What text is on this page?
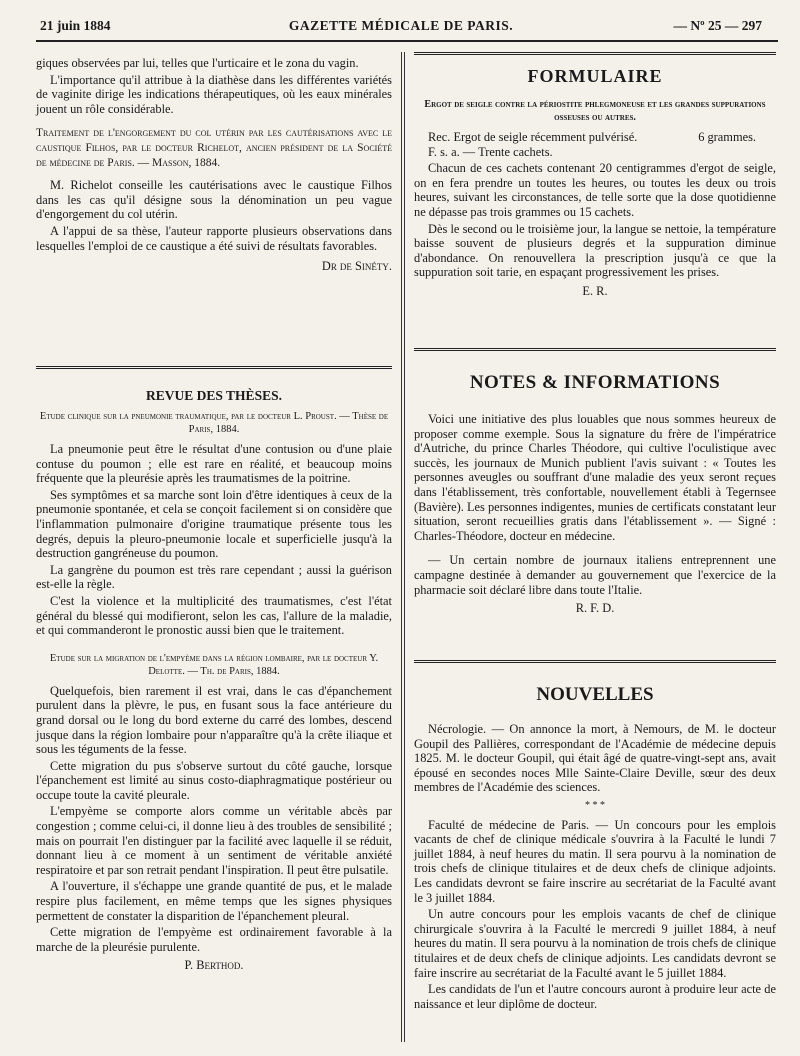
21 juin 1884	GAZETTE MÉDICALE DE PARIS.	— Nº 25 — 297

giques observées par lui, telles que l'urticaire et le zona du vagin.

L'importance qu'il attribue à la diathèse dans les différentes variétés de vaginite dirige les indications thérapeutiques, où les eaux minérales jouent un rôle considérable.

Traitement de l'engorgement du col utérin par les cautérisations avec le caustique Filhos, par le docteur Richelot, ancien président de la Société de médecine de Paris. — Masson, 1884.

M. Richelot conseille les cautérisations avec le caustique Filhos dans les cas qu'il désigne sous la dénomination un peu vague d'engorgement du col utérin.

A l'appui de sa thèse, l'auteur rapporte plusieurs observations dans lesquelles l'emploi de ce caustique a été suivi de résultats favorables.

Dr de Sinéty.
REVUE DES THÈSES.

Etude clinique sur la pneumonie traumatique, par le docteur L. Proust. — Thèse de Paris, 1884.

La pneumonie peut être le résultat d'une contusion ou d'une plaie contuse du poumon ; elle est rare en réalité, et beaucoup moins fréquente que la pleurésie après les traumatismes de la poitrine.

Ses symptômes et sa marche sont loin d'être identiques à ceux de la pneumonie spontanée, et cela se conçoit facilement si on considère que l'inflammation pulmonaire d'origine traumatique présente tous les degrés, depuis la pleuro-pneumonie locale et superficielle jusqu'à la destruction gangréneuse du poumon.

La gangrène du poumon est très rare cependant ; aussi la guérison est-elle la règle.

C'est la violence et la multiplicité des traumatismes, c'est l'état général du blessé qui modifieront, selon les cas, l'allure de la maladie, et qui commanderont le pronostic aussi bien que le traitement.

Etude sur la migration de l'empyème dans la région lombaire, par le docteur Y. Delotte. — Th. de Paris, 1884.

Quelquefois, bien rarement il est vrai, dans le cas d'épanchement purulent dans la plèvre, le pus, en fusant sous la face antérieure du grand dorsal ou le long du bord externe du carré des lombes, descend jusque dans la région lombaire pour n'apparaître qu'à la crête iliaque et sous les téguments de la fesse.

Cette migration du pus s'observe surtout du côté gauche, lorsque l'épanchement est limité au sinus costo-diaphragmatique postérieur ou occupe toute la cavité pleurale.

L'empyème se comporte alors comme un véritable abcès par congestion ; comme celui-ci, il donne lieu à des troubles de sensibilité ; mais on pourrait l'en distinguer par la facilité avec laquelle il se réduit, donnant lieu à ce moment à un sentiment de véritable anxiété respiratoire et par son retrait pendant l'inspiration. Il peut être pulsatile.

A l'ouverture, il s'échappe une grande quantité de pus, et le malade respire plus facilement, en même temps que les signes physiques permettent de constater la disparition de l'épanchement pleural.

Cette migration de l'empyème est ordinairement favorable à la marche de la pleurésie purulente.

P. Berthod.
FORMULAIRE

Ergot de seigle contre la périostite phlegmoneuse et les grandes suppurations osseuses ou autres.

Rec. Ergot de seigle récemment pulvérisé.	6 grammes.

F. s. a. — Trente cachets.

Chacun de ces cachets contenant 20 centigrammes d'ergot de seigle, on en fera prendre un toutes les heures, ou toutes les deux ou trois heures, suivant les circonstances, de telle sorte que la dose quotidienne ne dépasse pas trois grammes ou 15 cachets.

Dès le second ou le troisième jour, la langue se nettoie, la température baisse souvent de plusieurs degrés et la suppuration diminue d'abondance. On renouvellera la prescription jusqu'à ce que la suppuration soit tarie, en espaçant progressivement les prises.

E. R.
NOTES & INFORMATIONS

Voici une initiative des plus louables que nous sommes heureux de proposer comme exemple. Sous la signature du frère de l'impératrice d'Autriche, du prince Charles Théodore, qui cultive l'oculistique avec succès, les journaux de Munich publient l'avis suivant : « Toutes les personnes aveugles ou souffrant d'une maladie des yeux seront reçues dans l'établissement, très confortable, nouvellement établi à Tegernsee (Bavière). Les personnes indigentes, munies de certificats constatant leur situation, seront recueillies gratis dans l'établissement ». — Signé : Charles-Théodore, docteur en médecine.

— Un certain nombre de journaux italiens entreprennent une campagne destinée à demander au gouvernement que l'exercice de la pharmacie soit déclaré libre dans toute l'Italie.

R. F. D.
NOUVELLES

Nécrologie. — On annonce la mort, à Nemours, de M. le docteur Goupil des Pallières, correspondant de l'Académie de médecine depuis 1825. M. le docteur Goupil, qui était âgé de quatre-vingt-sept ans, avait épousé en secondes noces Mlle Sainte-Claire Deville, sœur des deux membres de l'Académie des sciences.

* * *

Faculté de médecine de Paris. — Un concours pour les emplois vacants de chef de clinique médicale s'ouvrira à la Faculté le lundi 7 juillet 1884, à neuf heures du matin. Il sera pourvu à la nomination de trois chefs de clinique titulaires et de deux chefs de clinique adjoints. Les candidats devront se faire inscrire au secrétariat de la Faculté avant le 3 juillet 1884.

Un autre concours pour les emplois vacants de chef de clinique chirurgicale s'ouvrira à la Faculté le mercredi 9 juillet 1884, à neuf heures du matin. Il sera pourvu à la nomination de trois chefs de clinique titulaires et de deux chefs de clinique adjoints. Les candidats devront se faire inscrire au secrétariat de la Faculté avant le 5 juillet 1884.

Les candidats de l'un et l'autre concours auront à produire leur acte de naissance et leur diplôme de docteur.
